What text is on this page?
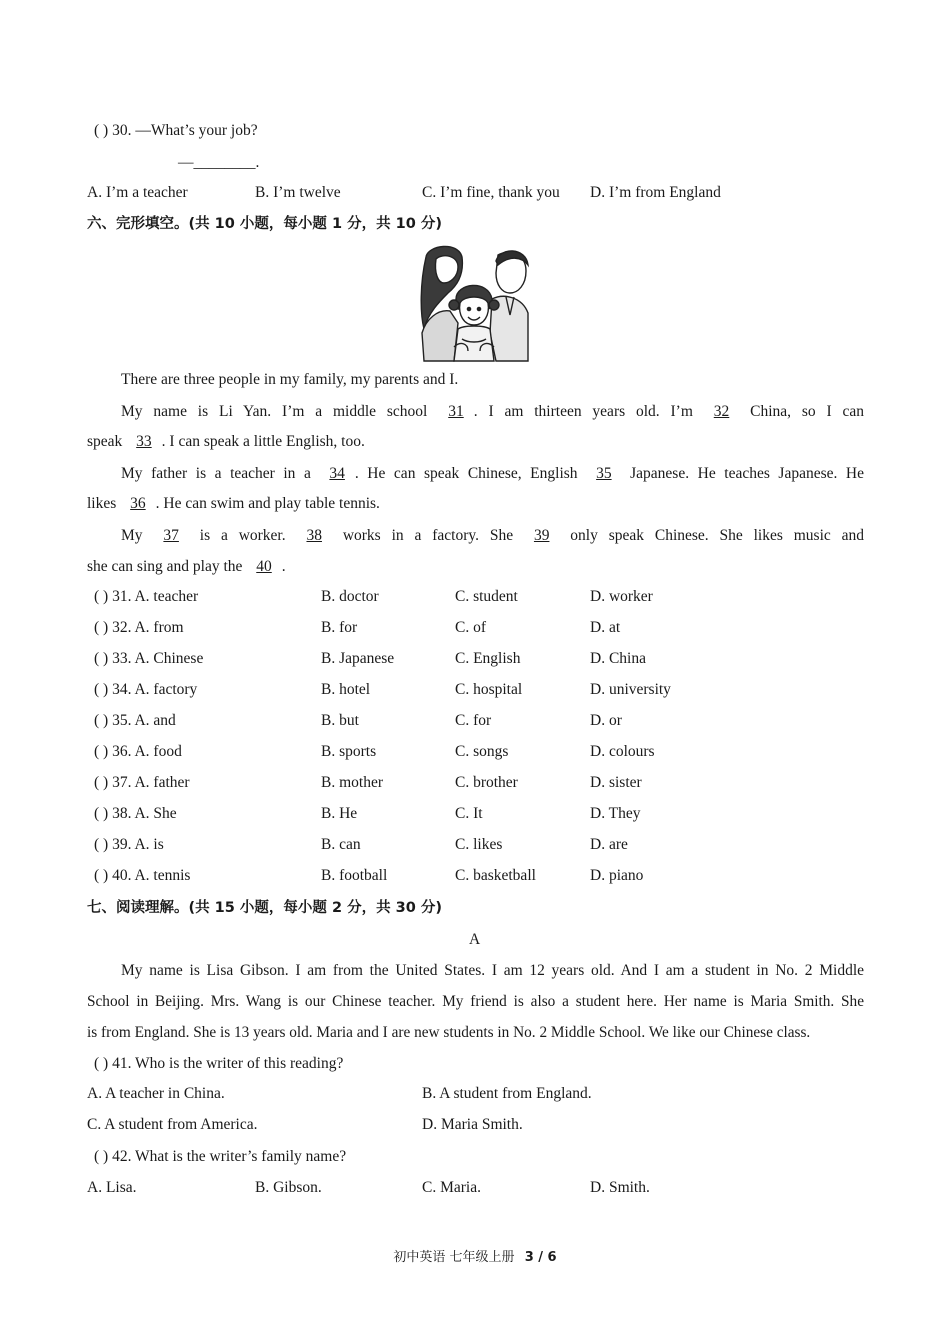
( ) 30. —What’s your job?
—________.
A. I’m a teacher	B. I’m twelve	C. I’m fine, thank you D. I’m from England
六、完形填空。(共 10 小题，每小题 1 分，共 10 分)
There are three people in my family, my parents and I.
My name is Li Yan. I’m a middle school 31 . I am thirteen years old. I’m 32 China, so I can
speak 33 . I can speak a little English, too.
My father is a teacher in a 34 . He can speak Chinese, English 35 Japanese. He teaches Japanese. He
likes 36 . He can swim and play table tennis.
My 37 is a worker. 38 works in a factory. She 39 only speak Chinese. She likes music and
she can sing and play the 40 .
( ) 31. A. teacher	B. doctor	C. student	D. worker
( ) 32. A. from	B. for	C. of	D. at
( ) 33. A. Chinese	B. Japanese	C. English	D. China
( ) 34. A. factory	B. hotel	C. hospital	D. university
( ) 35. A. and	B. but	C. for	D. or
( ) 36. A. food	B. sports	C. songs	D. colours
( ) 37. A. father	B. mother	C. brother	D. sister
( ) 38. A. She	B. He	C. It	D. They
( ) 39. A. is	B. can	C. likes	D. are
( ) 40. A. tennis	B. football	C. basketball	D. piano
七、阅读理解。(共 15 小题，每小题 2 分，共 30 分)
A
My name is Lisa Gibson. I am from the United States. I am 12 years old. And I am a student in No. 2 Middle
School in Beijing. Mrs. Wang is our Chinese teacher. My friend is also a student here. Her name is Maria Smith. She
is from England. She is 13 years old. Maria and I are new students in No. 2 Middle School. We like our Chinese class.
( ) 41. Who is the writer of this reading?
A. A teacher in China.	B. A student from England.
C. A student from America.	D. Maria Smith.
( ) 42. What is the writer’s family name?
A. Lisa.	B. Gibson.	C. Maria.	D. Smith.
初中英语 七年级上册 3 / 6
